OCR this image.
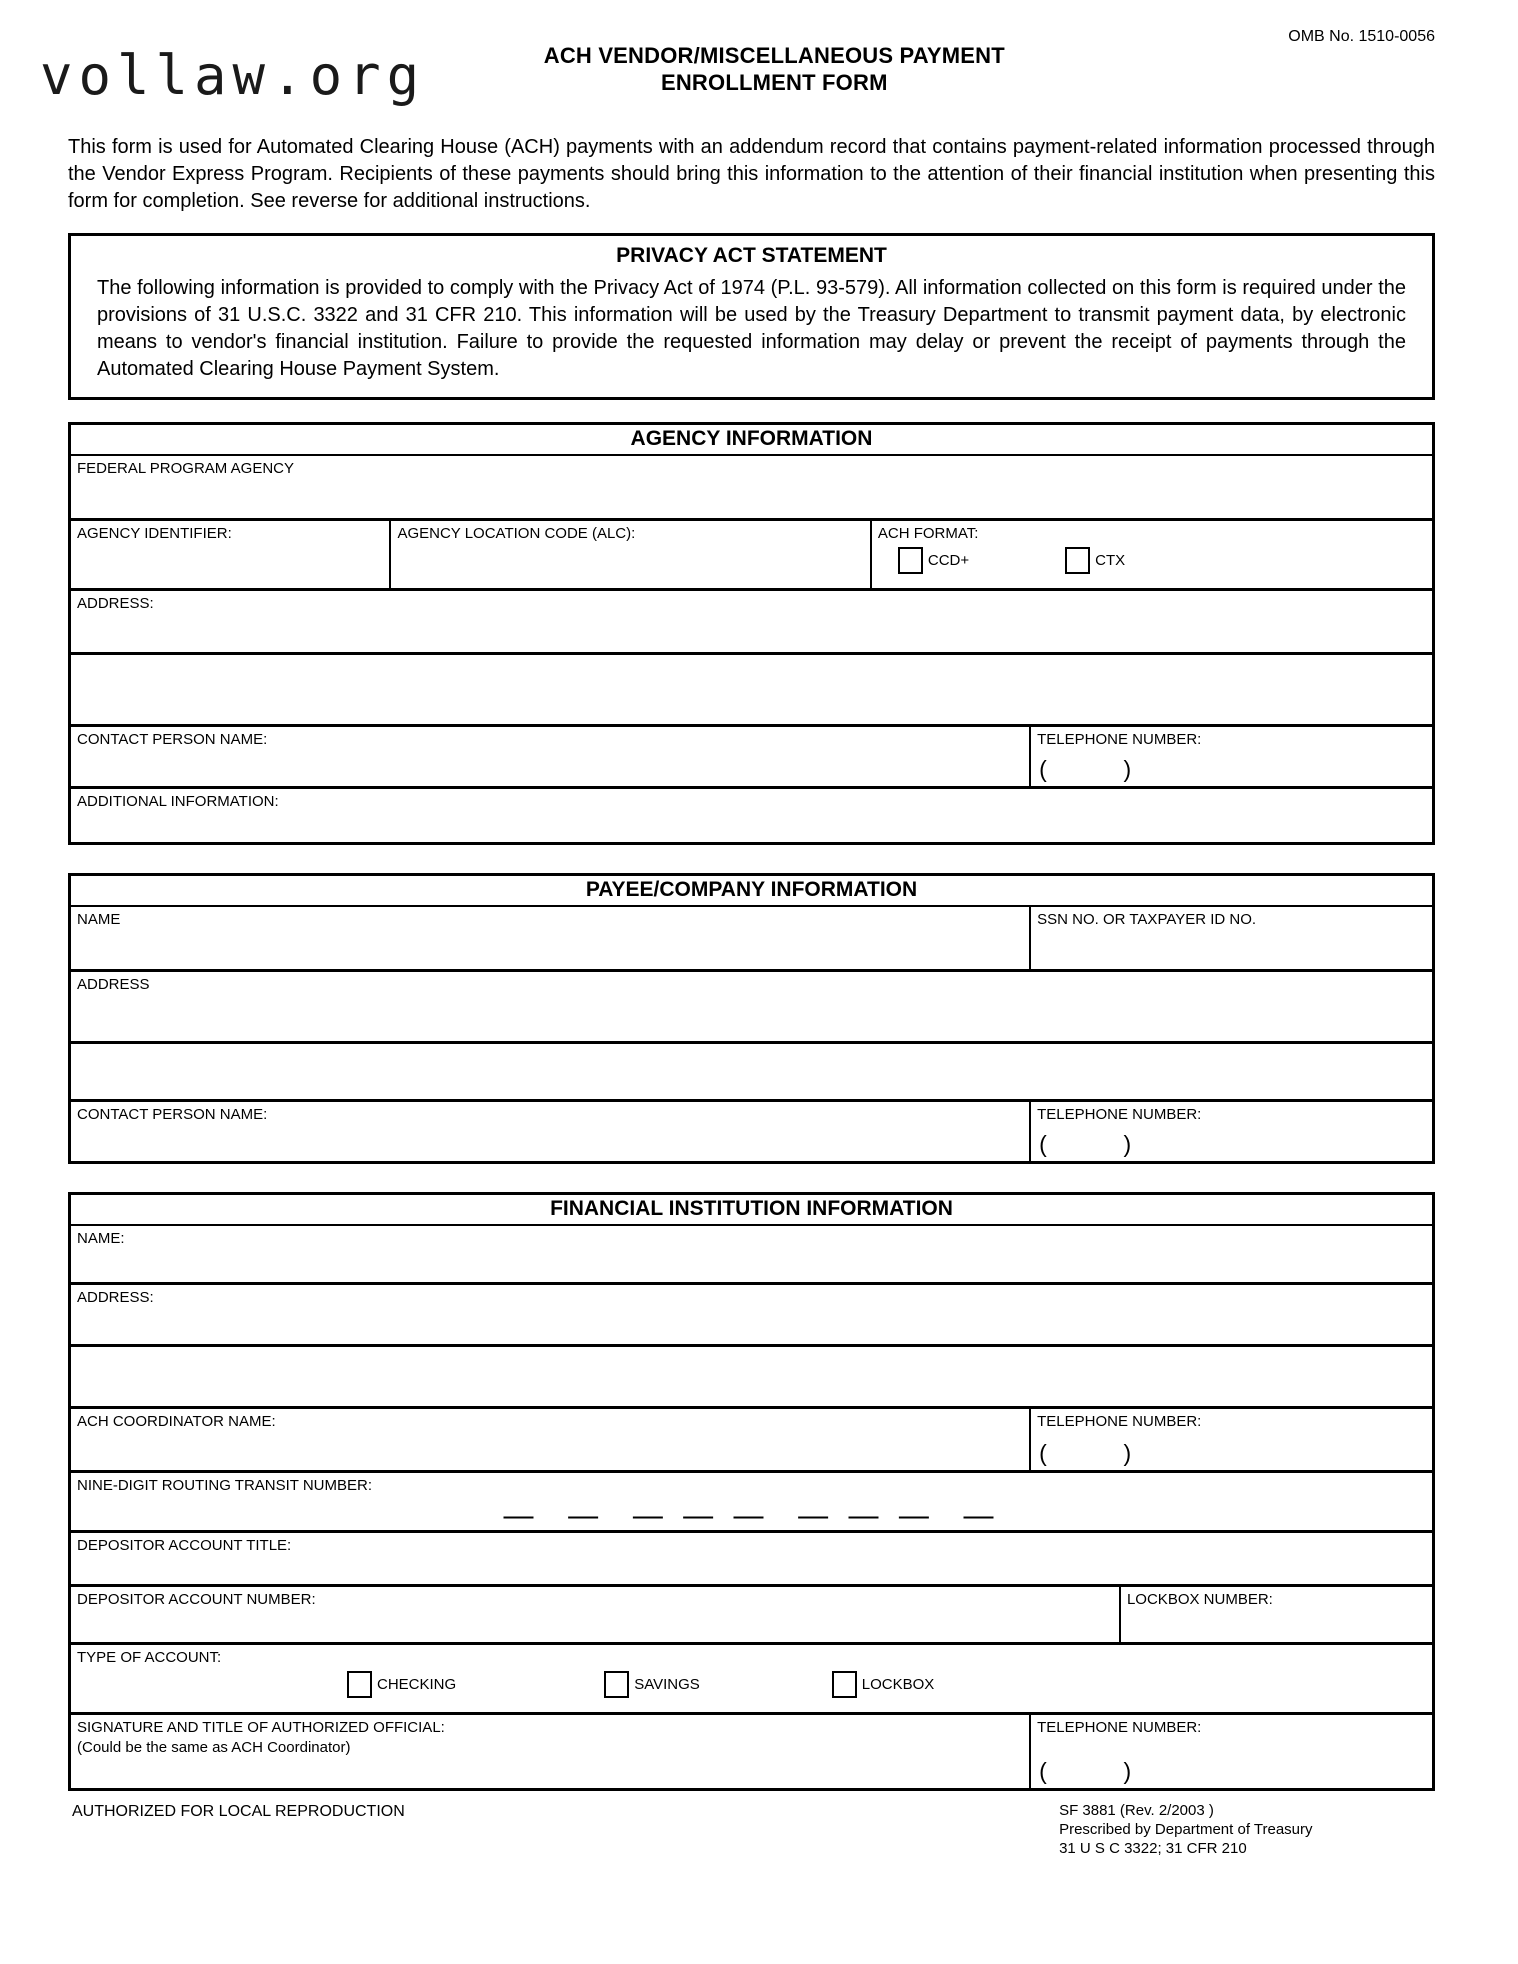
vollaw.org	ACH VENDOR/MISCELLANEOUS PAYMENT
ENROLLMENT FORM
OMB No. 1510-0056

This form is used for Automated Clearing House (ACH) payments with an addendum record that contains payment-related information processed through the Vendor Express Program. Recipients of these payments should bring this information to the attention of their financial institution when presenting this form for completion. See reverse for additional instructions.

PRIVACY ACT STATEMENT
The following information is provided to comply with the Privacy Act of 1974 (P.L. 93-579). All information collected on this form is required under the provisions of 31 U.S.C. 3322 and 31 CFR 210. This information will be used by the Treasury Department to transmit payment data, by electronic means to vendor's financial institution. Failure to provide the requested information may delay or prevent the receipt of payments through the Automated Clearing House Payment System.
AGENCY INFORMATION
FEDERAL PROGRAM AGENCY
AGENCY IDENTIFIER:	AGENCY LOCATION CODE (ALC):	ACH FORMAT:
CCD+	CTX
ADDRESS:
CONTACT PERSON NAME:	TELEPHONE NUMBER:
(            )
ADDITIONAL INFORMATION:
PAYEE/COMPANY INFORMATION
NAME	SSN NO. OR TAXPAYER ID NO.
ADDRESS
CONTACT PERSON NAME:	TELEPHONE NUMBER:
(            )
FINANCIAL INSTITUTION INFORMATION
NAME:
ADDRESS:
ACH COORDINATOR NAME:	TELEPHONE NUMBER:
(            )
NINE-DIGIT ROUTING TRANSIT NUMBER:
—  —  — — —  — — —  —
DEPOSITOR ACCOUNT TITLE:
DEPOSITOR ACCOUNT NUMBER:	LOCKBOX NUMBER:
TYPE OF ACCOUNT:
CHECKING	SAVINGS	LOCKBOX
SIGNATURE AND TITLE OF AUTHORIZED OFFICIAL:
(Could be the same as ACH Coordinator)
TELEPHONE NUMBER:
(            )
AUTHORIZED FOR LOCAL REPRODUCTION	SF 3881 (Rev. 2/2003 )
Prescribed by Department of Treasury
31 U S C 3322; 31 CFR 210
